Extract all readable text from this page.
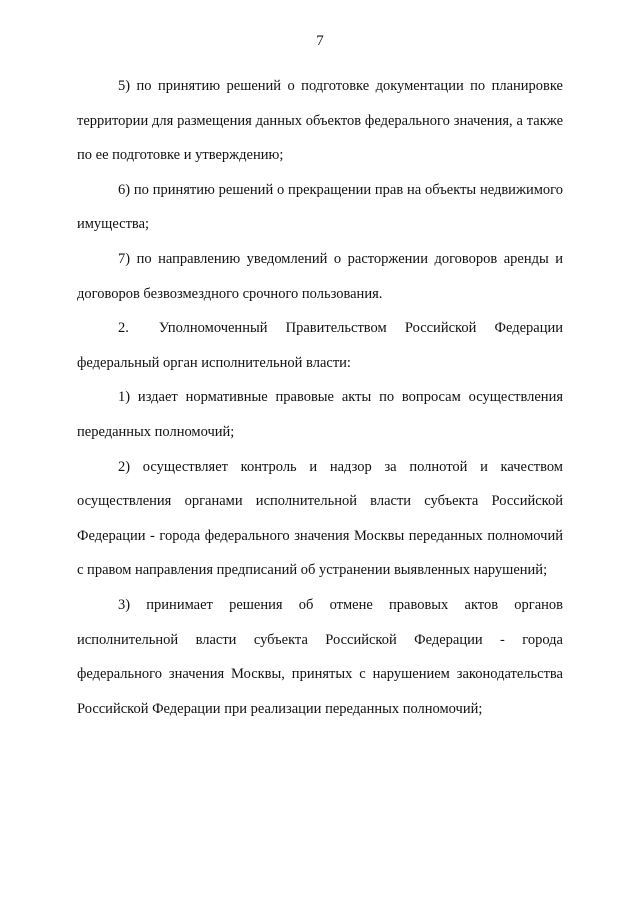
7

5) по принятию решений о подготовке документации по планировке территории для размещения данных объектов федерального значения, а также по ее подготовке и утверждению;

6) по принятию решений о прекращении прав на объекты недвижимого имущества;

7) по направлению уведомлений о расторжении договоров аренды и договоров безвозмездного срочного пользования.

2. Уполномоченный Правительством Российской Федерации федеральный орган исполнительной власти:

1) издает нормативные правовые акты по вопросам осуществления переданных полномочий;

2) осуществляет контроль и надзор за полнотой и качеством осуществления органами исполнительной власти субъекта Российской Федерации - города федерального значения Москвы переданных полномочий с правом направления предписаний об устранении выявленных нарушений;

3) принимает решения об отмене правовых актов органов исполнительной власти субъекта Российской Федерации - города федерального значения Москвы, принятых с нарушением законодательства Российской Федерации при реализации переданных полномочий;
